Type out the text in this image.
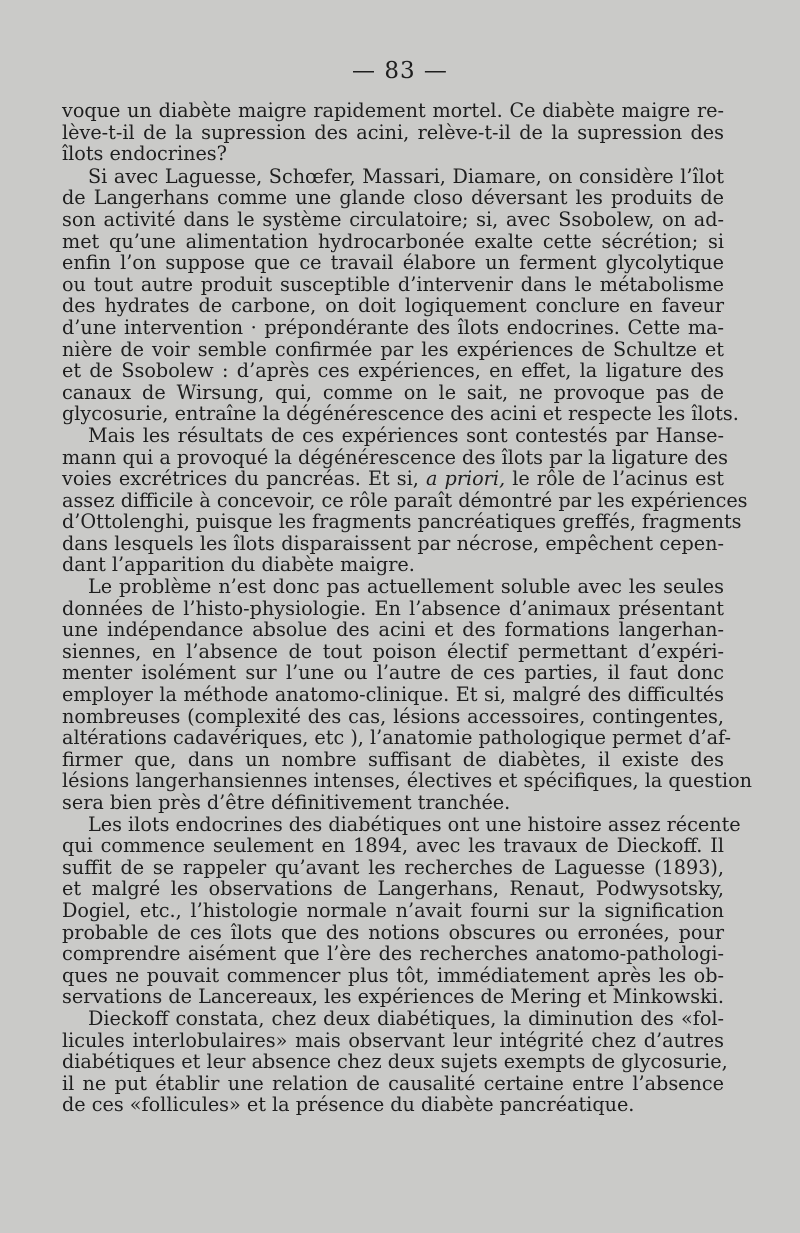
— 83 —
voque un diabète maigre rapidement mortel. Ce diabète maigre re-
lève-t-il de la supression des acini, relève-t-il de la supression des
îlots endocrines?
Si avec Laguesse, Schœfer, Massari, Diamare, on considère l’îlot
de Langerhans comme une glande closo déversant les produits de
son activité dans le système circulatoire; si, avec Ssobolew, on ad-
met qu’une alimentation hydrocarbonée exalte cette sécrétion; si
enfin l’on suppose que ce travail élabore un ferment glycolytique
ou tout autre produit susceptible d’intervenir dans le métabolisme
des hydrates de carbone, on doit logiquement conclure en faveur
d’une intervention · prépondérante des îlots endocrines. Cette ma-
nière de voir semble confirmée par les expériences de Schultze et
et de Ssobolew : d’après ces expériences, en effet, la ligature des
canaux de Wirsung, qui, comme on le sait, ne provoque pas de
glycosurie, entraîne la dégénérescence des acini et respecte les îlots.
Mais les résultats de ces expériences sont contestés par Hanse-
mann qui a provoqué la dégénérescence des îlots par la ligature des
voies excrétrices du pancréas. Et si, a priori, le rôle de l’acinus est
assez difficile à concevoir, ce rôle paraît démontré par les expériences
d’Ottolenghi, puisque les fragments pancréatiques greffés, fragments
dans lesquels les îlots disparaissent par nécrose, empêchent cepen-
dant l’apparition du diabète maigre.
Le problème n’est donc pas actuellement soluble avec les seules
données de l’histo-physiologie. En l’absence d’animaux présentant
une indépendance absolue des acini et des formations langerhan-
siennes, en l’absence de tout poison électif permettant d’expéri-
menter isolément sur l’une ou l’autre de ces parties, il faut donc
employer la méthode anatomo-clinique. Et si, malgré des difficultés
nombreuses (complexité des cas, lésions accessoires, contingentes,
altérations cadavériques, etc ), l’anatomie pathologique permet d’af-
firmer que, dans un nombre suffisant de diabètes, il existe des
lésions langerhansiennes intenses, électives et spécifiques, la question
sera bien près d’être définitivement tranchée.
Les ilots endocrines des diabétiques ont une histoire assez récente
qui commence seulement en 1894, avec les travaux de Dieckoff. Il
suffit de se rappeler qu’avant les recherches de Laguesse (1893),
et malgré les observations de Langerhans, Renaut, Podwysotsky,
Dogiel, etc., l’histologie normale n’avait fourni sur la signification
probable de ces îlots que des notions obscures ou erronées, pour
comprendre aisément que l’ère des recherches anatomo-pathologi-
ques ne pouvait commencer plus tôt, immédiatement après les ob-
servations de Lancereaux, les expériences de Mering et Minkowski.
Dieckoff constata, chez deux diabétiques, la diminution des «fol-
licules interlobulaires» mais observant leur intégrité chez d’autres
diabétiques et leur absence chez deux sujets exempts de glycosurie,
il ne put établir une relation de causalité certaine entre l’absence
de ces «follicules» et la présence du diabète pancréatique.
